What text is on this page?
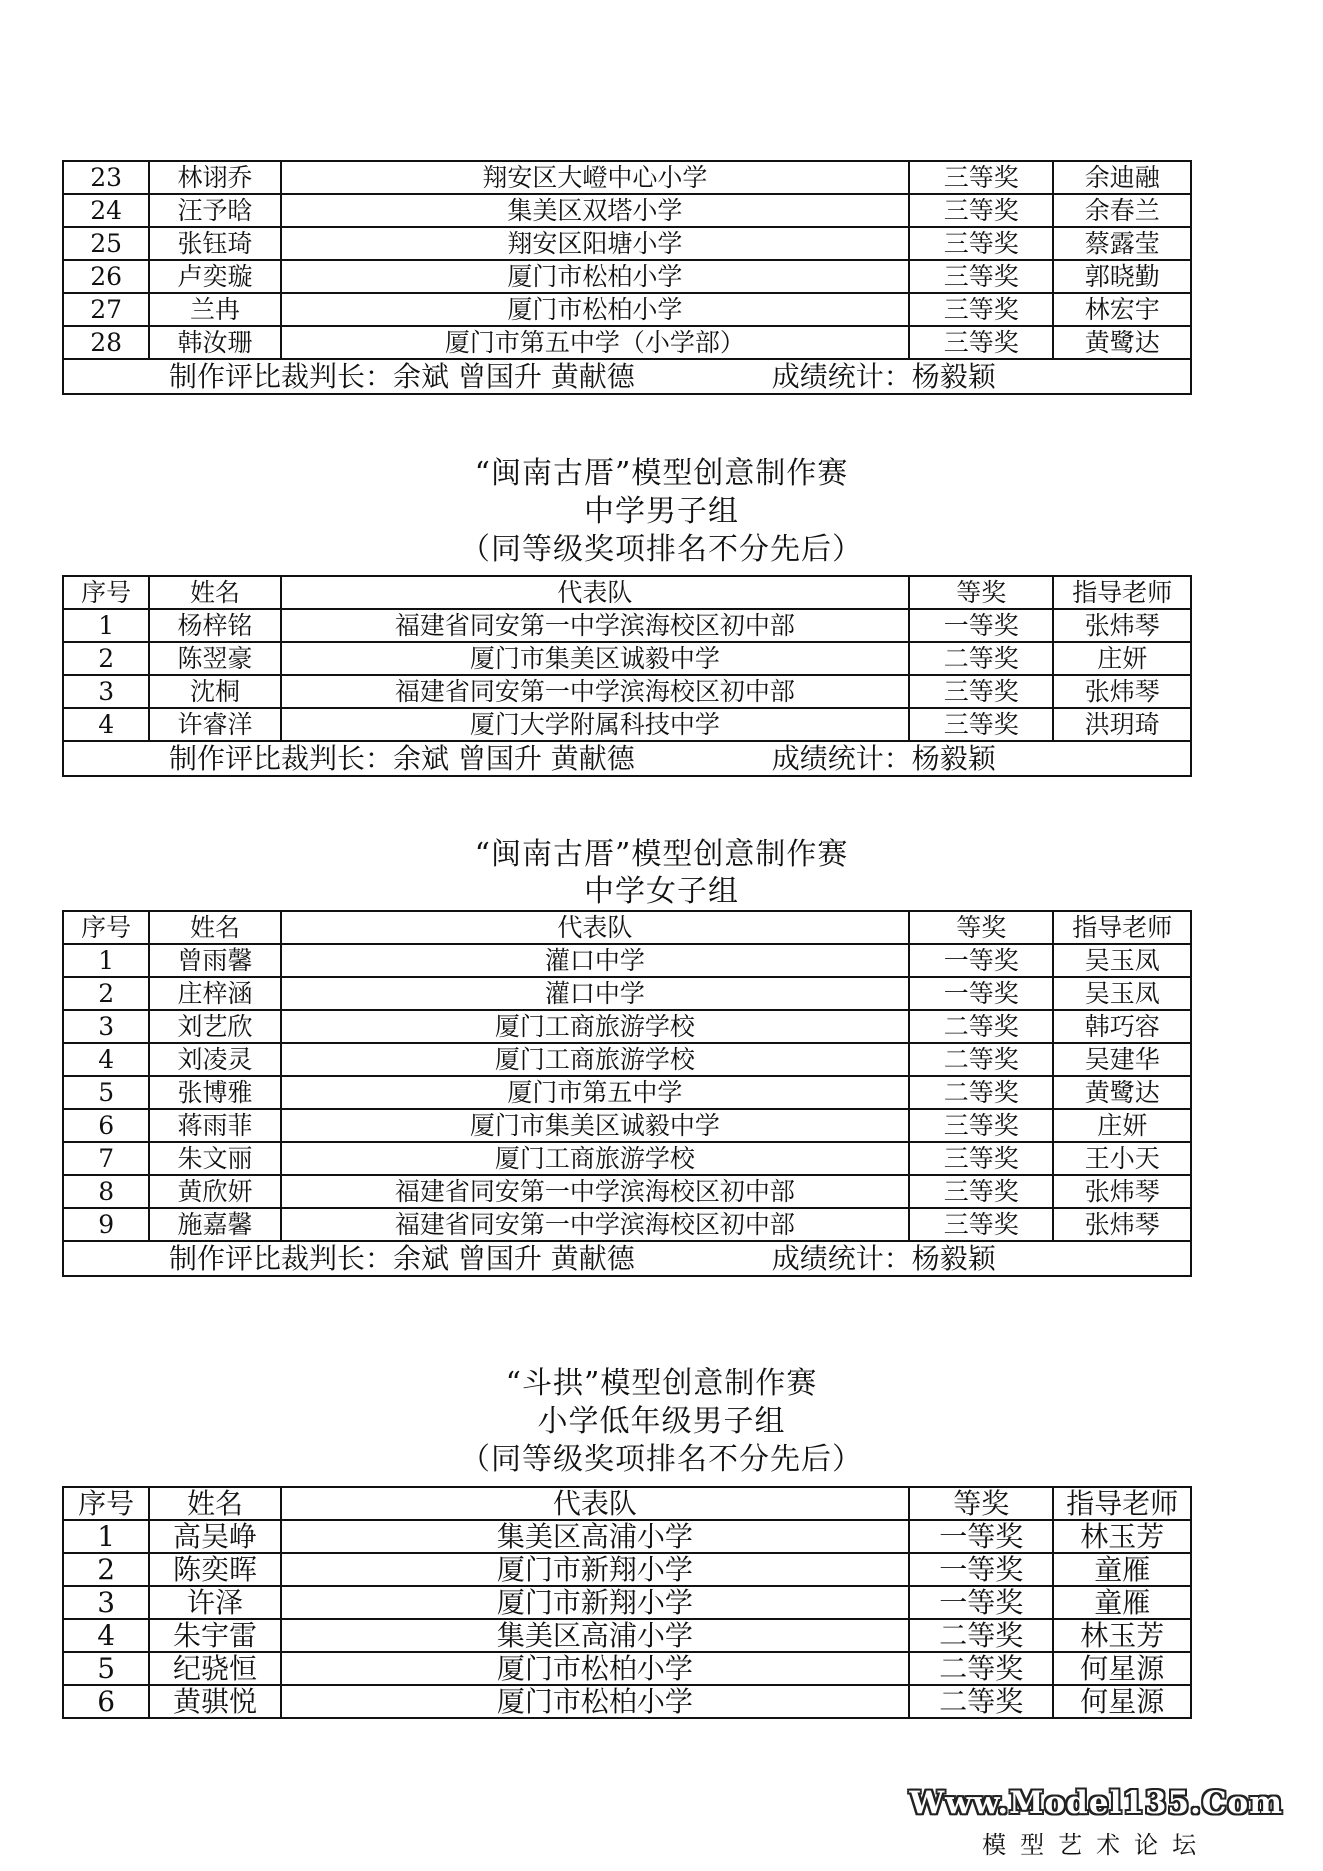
23	林诩乔	翔安区大嶝中心小学	三等奖	余迪融
24	汪予晗	集美区双塔小学	三等奖	余春兰
25	张钰琦	翔安区阳塘小学	三等奖	蔡露莹
26	卢奕璇	厦门市松柏小学	三等奖	郭晓勤
27	兰冉	厦门市松柏小学	三等奖	林宏宇
28	韩汝珊	厦门市第五中学（小学部）	三等奖	黄鹭达
制作评比裁判长：余斌 曾国升 黄献德 成绩统计：杨毅颖				
“闽南古厝”模型创意制作赛
中学男子组
（同等级奖项排名不分先后）
序号	姓名	代表队	等奖	指导老师
1	杨梓铭	福建省同安第一中学滨海校区初中部	一等奖	张炜琴
2	陈翌豪	厦门市集美区诚毅中学	二等奖	庄妍
3	沈桐	福建省同安第一中学滨海校区初中部	三等奖	张炜琴
4	许睿洋	厦门大学附属科技中学	三等奖	洪玥琦
制作评比裁判长：余斌 曾国升 黄献德 成绩统计：杨毅颖				
“闽南古厝”模型创意制作赛
中学女子组
序号	姓名	代表队	等奖	指导老师
1	曾雨馨	灌口中学	一等奖	吴玉凤
2	庄梓涵	灌口中学	一等奖	吴玉凤
3	刘艺欣	厦门工商旅游学校	二等奖	韩巧容
4	刘凌灵	厦门工商旅游学校	二等奖	吴建华
5	张博雅	厦门市第五中学	二等奖	黄鹭达
6	蒋雨菲	厦门市集美区诚毅中学	三等奖	庄妍
7	朱文丽	厦门工商旅游学校	三等奖	王小天
8	黄欣妍	福建省同安第一中学滨海校区初中部	三等奖	张炜琴
9	施嘉馨	福建省同安第一中学滨海校区初中部	三等奖	张炜琴
制作评比裁判长：余斌 曾国升 黄献德 成绩统计：杨毅颖				
“斗拱”模型创意制作赛
小学低年级男子组
（同等级奖项排名不分先后）
序号	姓名	代表队	等奖	指导老师
1	高吴峥	集美区高浦小学	一等奖	林玉芳
2	陈奕晖	厦门市新翔小学	一等奖	童雁
3	许泽	厦门市新翔小学	一等奖	童雁
4	朱宇雷	集美区高浦小学	二等奖	林玉芳
5	纪骁恒	厦门市松柏小学	二等奖	何星源
6	黄骐悦	厦门市松柏小学	二等奖	何星源
Www.Model135.Com
模型艺术论坛
